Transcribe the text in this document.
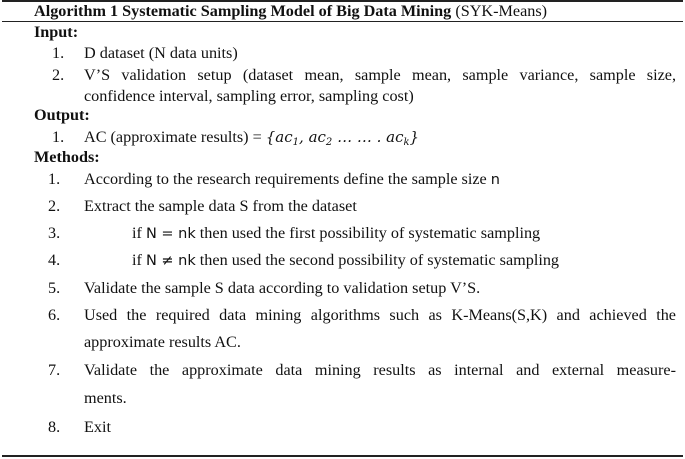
Algorithm 1 Systematic Sampling Model of Big Data Mining (SYK-Means)
Input:
1. D dataset (N data units)
2. V’S validation setup (dataset mean, sample mean, sample variance, sample size,
confidence interval, sampling error, sampling cost)
Output:
1. AC (approximate results) = {$ac_1$, $ac_2$ … … . $ac_k$}
Methods:
1. According to the research requirements define the sample size n
2. Extract the sample data S from the dataset
3.	if N = nk then used the first possibility of systematic sampling
4.	if N ≠ nk then used the second possibility of systematic sampling
5. Validate the sample S data according to validation setup V’S.
6. Used the required data mining algorithms such as K-Means(S,K) and achieved the
approximate results AC.
7. Validate the approximate data mining results as internal and external measure-
ments.
8. Exit
